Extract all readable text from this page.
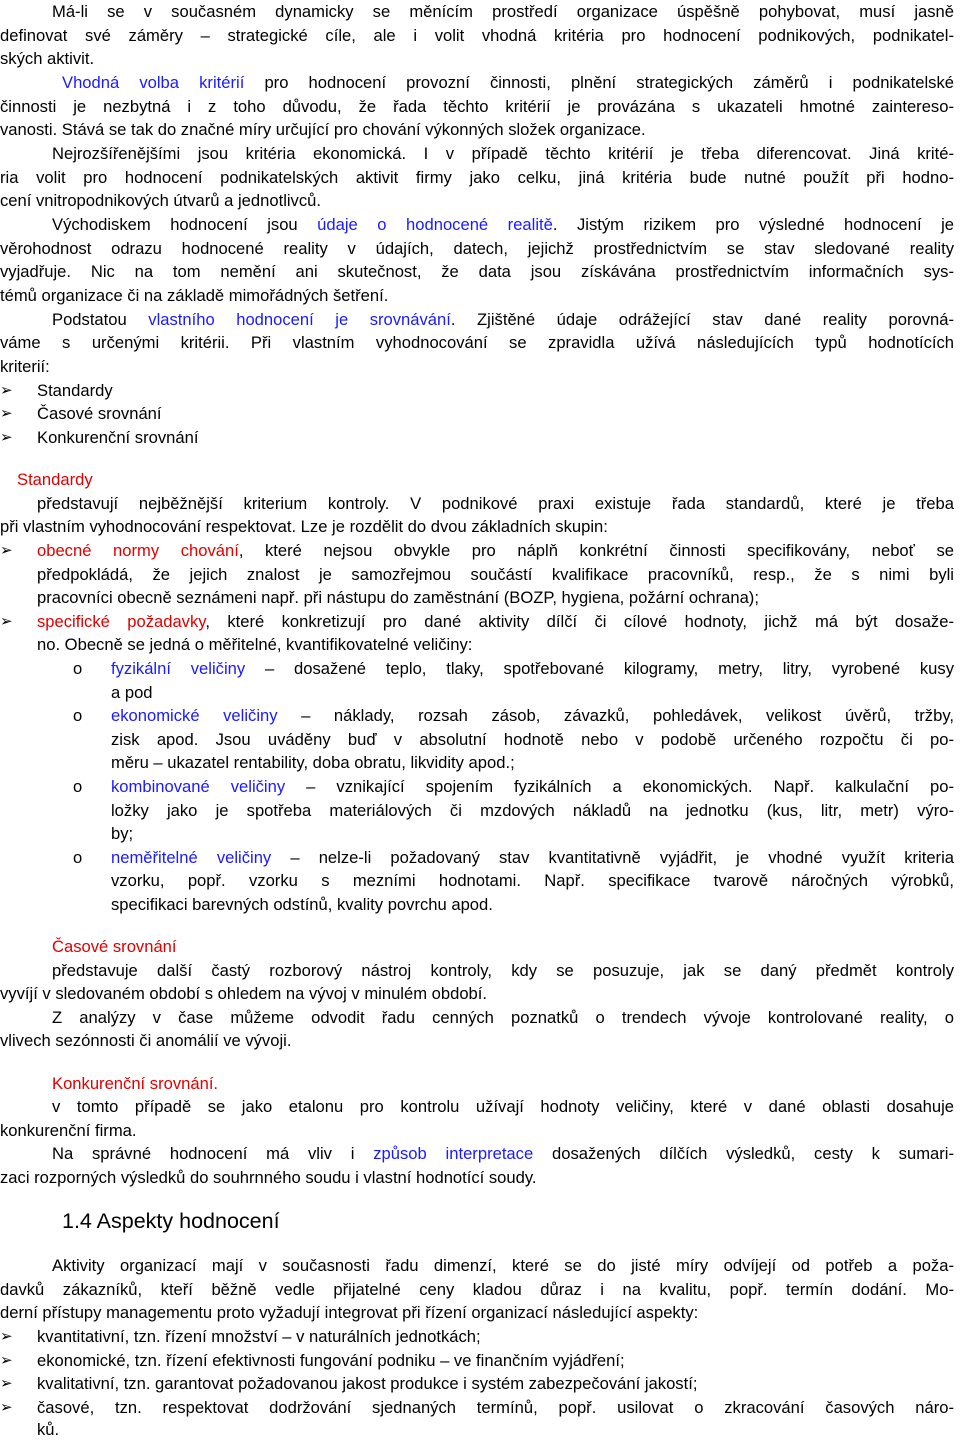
Má-li se v současném dynamicky se měnícím prostředí organizace úspěšně pohybovat, musí jasně
definovat své záměry – strategické cíle, ale i volit vhodná kritéria pro hodnocení podnikových, podnikatel-
ských aktivit.
Vhodná volba kritérií pro hodnocení provozní činnosti, plnění strategických záměrů i podnikatelské
činnosti je nezbytná i z toho důvodu, že řada těchto kritérií je provázána s ukazateli hmotné zaintereso-
vanosti. Stává se tak do značné míry určující pro chování výkonných složek organizace.
Nejrozšířenějšími jsou kritéria ekonomická. I v případě těchto kritérií je třeba diferencovat. Jiná krité-
ria volit pro hodnocení podnikatelských aktivit firmy jako celku, jiná kritéria bude nutné použít při hodno-
cení vnitropodnikových útvarů a jednotlivců.
Východiskem hodnocení jsou údaje o hodnocené realitě. Jistým rizikem pro výsledné hodnocení je
věrohodnost odrazu hodnocené reality v údajích, datech, jejichž prostřednictvím se stav sledované reality
vyjadřuje. Nic na tom nemění ani skutečnost, že data jsou získávána prostřednictvím informačních sys-
témů organizace či na základě mimořádných šetření.
Podstatou vlastního hodnocení je srovnávání. Zjištěné údaje odrážející stav dané reality porovná-
váme s určenými kritérii. Při vlastním vyhodnocování se zpravidla užívá následujících typů hodnotících
kriterií:
➢ Standardy
➢ Časové srovnání
➢ Konkurenční srovnání
Standardy
představují nejběžnější kriterium kontroly. V podnikové praxi existuje řada standardů, které je třeba
při vlastním vyhodnocování respektovat. Lze je rozdělit do dvou základních skupin:
➢ obecné normy chování, které nejsou obvykle pro náplň konkrétní činnosti specifikovány, neboť se
předpokládá, že jejich znalost je samozřejmou součástí kvalifikace pracovníků, resp., že s nimi byli
pracovníci obecně seznámeni např. při nástupu do zaměstnání (BOZP, hygiena, požární ochrana);
➢ specifické požadavky, které konkretizují pro dané aktivity dílčí či cílové hodnoty, jichž má být dosaže-
no. Obecně se jedná o měřitelné, kvantifikovatelné veličiny:
o fyzikální veličiny – dosažené teplo, tlaky, spotřebované kilogramy, metry, litry, vyrobené kusy
a pod
o ekonomické veličiny – náklady, rozsah zásob, závazků, pohledávek, velikost úvěrů, tržby,
zisk apod. Jsou uváděny buď v absolutní hodnotě nebo v podobě určeného rozpočtu či po-
měru – ukazatel rentability, doba obratu, likvidity apod.;
o kombinované veličiny – vznikající spojením fyzikálních a ekonomických. Např. kalkulační po-
ložky jako je spotřeba materiálových či mzdových nákladů na jednotku (kus, litr, metr) výro-
by;
o neměřitelné veličiny – nelze-li požadovaný stav kvantitativně vyjádřit, je vhodné využít kriteria
vzorku, popř. vzorku s mezními hodnotami. Např. specifikace tvarově náročných výrobků,
specifikaci barevných odstínů, kvality povrchu apod.
Časové srovnání
představuje další častý rozborový nástroj kontroly, kdy se posuzuje, jak se daný předmět kontroly
vyvíjí v sledovaném období s ohledem na vývoj v minulém období.
Z analýzy v čase můžeme odvodit řadu cenných poznatků o trendech vývoje kontrolované reality, o
vlivech sezónnosti či anomálií ve vývoji.
Konkurenční srovnání.
v tomto případě se jako etalonu pro kontrolu užívají hodnoty veličiny, které v dané oblasti dosahuje
konkurenční firma.
Na správné hodnocení má vliv i způsob interpretace dosažených dílčích výsledků, cesty k sumari-
zaci rozporných výsledků do souhrnného soudu i vlastní hodnotící soudy.
1.4 Aspekty hodnocení
Aktivity organizací mají v současnosti řadu dimenzí, které se do jisté míry odvíjejí od potřeb a poža-
davků zákazníků, kteří běžně vedle přijatelné ceny kladou důraz i na kvalitu, popř. termín dodání. Mo-
derní přístupy managementu proto vyžadují integrovat při řízení organizací následující aspekty:
➢ kvantitativní, tzn. řízení množství – v naturálních jednotkách;
➢ ekonomické, tzn. řízení efektivnosti fungování podniku – ve finančním vyjádření;
➢ kvalitativní, tzn. garantovat požadovanou jakost produkce i systém zabezpečování jakostí;
➢ časové, tzn. respektovat dodržování sjednaných termínů, popř. usilovat o zkracování časových náro-
ků.
